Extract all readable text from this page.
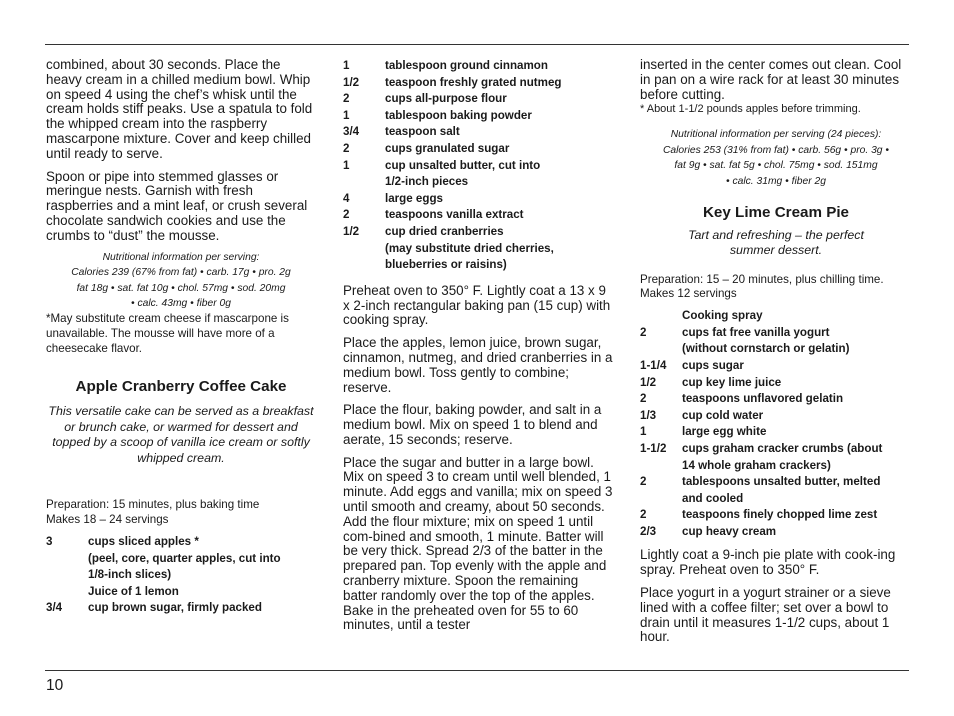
combined, about 30 seconds. Place the heavy cream in a chilled medium bowl. Whip on speed 4 using the chef’s whisk until the cream holds stiff peaks. Use a spatula to fold the whipped cream into the raspberry mascarpone mixture. Cover and keep chilled until ready to serve.

Spoon or pipe into stemmed glasses or meringue nests. Garnish with fresh raspberries and a mint leaf, or crush several chocolate sandwich cookies and use the crumbs to “dust” the mousse.

Nutritional information per serving:
Calories 239 (67% from fat) • carb. 17g • pro. 2g
fat 18g • sat. fat 10g • chol. 57mg • sod. 20mg
• calc. 43mg • fiber 0g

*May substitute cream cheese if mascarpone is unavailable. The mousse will have more of a cheesecake flavor.

Apple Cranberry Coffee Cake

This versatile cake can be served as a breakfast or brunch cake, or warmed for dessert and topped by a scoop of vanilla ice cream or softly whipped cream.

Preparation: 15 minutes, plus baking time
Makes 18 – 24 servings
3	cups sliced apples *
(peel, core, quarter apples, cut into
1/8-inch slices)
Juice of 1 lemon
3/4	cup brown sugar, firmly packed
1	tablespoon ground cinnamon
1/2	teaspoon freshly grated nutmeg
2	cups all-purpose flour
1	tablespoon baking powder
3/4	teaspoon salt
2	cups granulated sugar
1	cup unsalted butter, cut into
1/2-inch pieces
4	large eggs
2	teaspoons vanilla extract
1/2	cup dried cranberries
(may substitute dried cherries,
blueberries or raisins)

Preheat oven to 350° F. Lightly coat a 13 x 9 x 2-inch rectangular baking pan (15 cup) with cooking spray.

Place the apples, lemon juice, brown sugar, cinnamon, nutmeg, and dried cranberries in a medium bowl. Toss gently to combine; reserve.

Place the flour, baking powder, and salt in a medium bowl. Mix on speed 1 to blend and aerate, 15 seconds; reserve.

Place the sugar and butter in a large bowl. Mix on speed 3 to cream until well blended, 1 minute. Add eggs and vanilla; mix on speed 3 until smooth and creamy, about 50 seconds. Add the flour mixture; mix on speed 1 until com-bined and smooth, 1 minute. Batter will be very thick. Spread 2/3 of the batter in the prepared pan. Top evenly with the apple and cranberry mixture. Spoon the remaining batter randomly over the top of the apples. Bake in the preheated oven for 55 to 60 minutes, until a tester

inserted in the center comes out clean. Cool in pan on a wire rack for at least 30 minutes before cutting.

* About 1-1/2 pounds apples before trimming.

Nutritional information per serving (24 pieces):
Calories 253 (31% from fat) • carb. 56g • pro. 3g •
fat 9g • sat. fat 5g • chol. 75mg • sod. 151mg
• calc. 31mg • fiber 2g
Key Lime Cream Pie
Tart and refreshing – the perfect
summer dessert.
Preparation: 15 – 20 minutes, plus chilling time.
Makes 12 servings
Cooking spray
2	cups fat free vanilla yogurt
(without cornstarch or gelatin)
1-1/4	cups sugar
1/2	cup key lime juice
2	teaspoons unflavored gelatin
1/3	cup cold water
1	large egg white
1-1/2	cups graham cracker crumbs (about
14 whole graham crackers)
2	tablespoons unsalted butter, melted
and cooled
2	teaspoons finely chopped lime zest
2/3	cup heavy cream

Lightly coat a 9-inch pie plate with cook-ing spray. Preheat oven to 350° F.

Place yogurt in a yogurt strainer or a sieve lined with a coffee filter; set over a bowl to drain until it measures 1-1/2 cups, about 1 hour.

10
